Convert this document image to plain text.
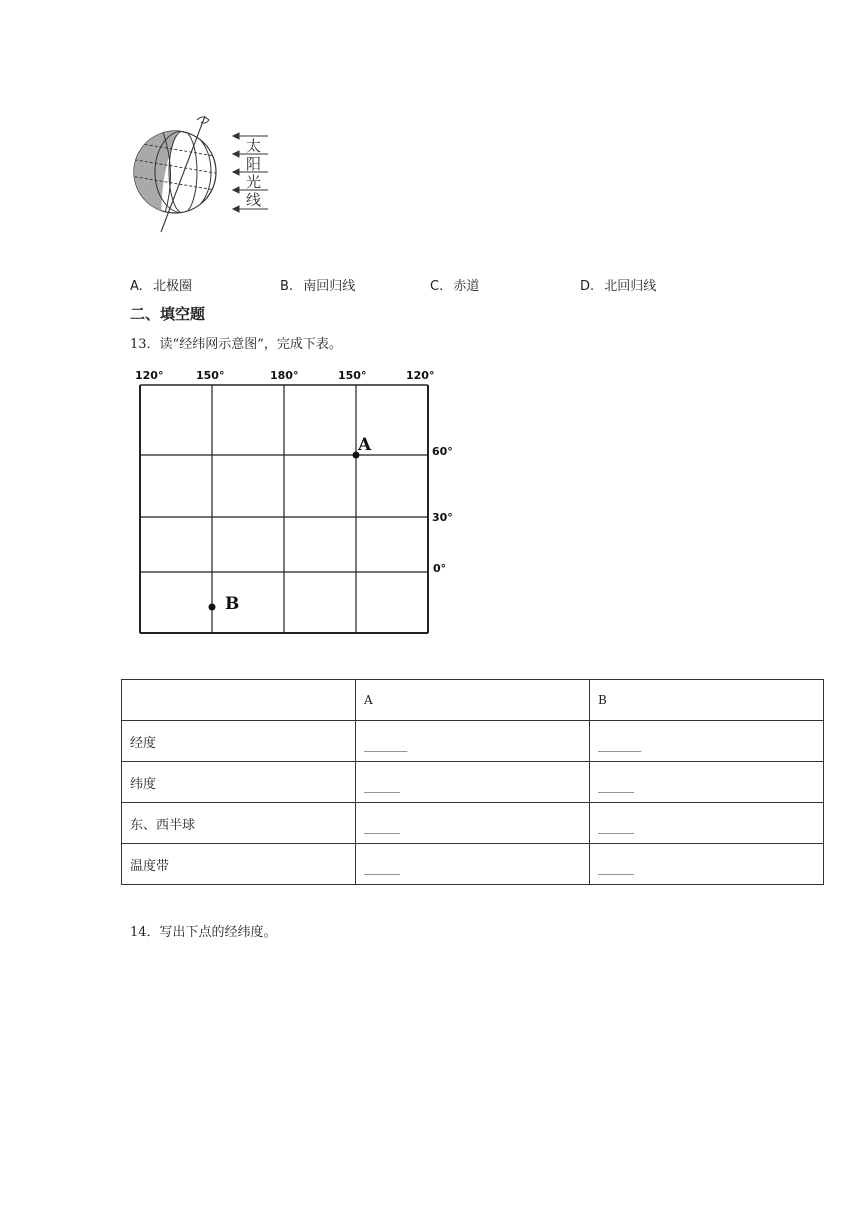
太
阳
光
线
A. 北极圈	B. 南回归线	C. 赤道	D. 北回归线
二、填空题
13．读“经纬网示意图”，完成下表。
120°	150°	180°	150°	120°
60°
30°
0°
A
B
	A	B
经度	______	______
纬度	_____	_____
东、西半球	_____	_____
温度带	_____	_____
14．写出下点的经纬度。
